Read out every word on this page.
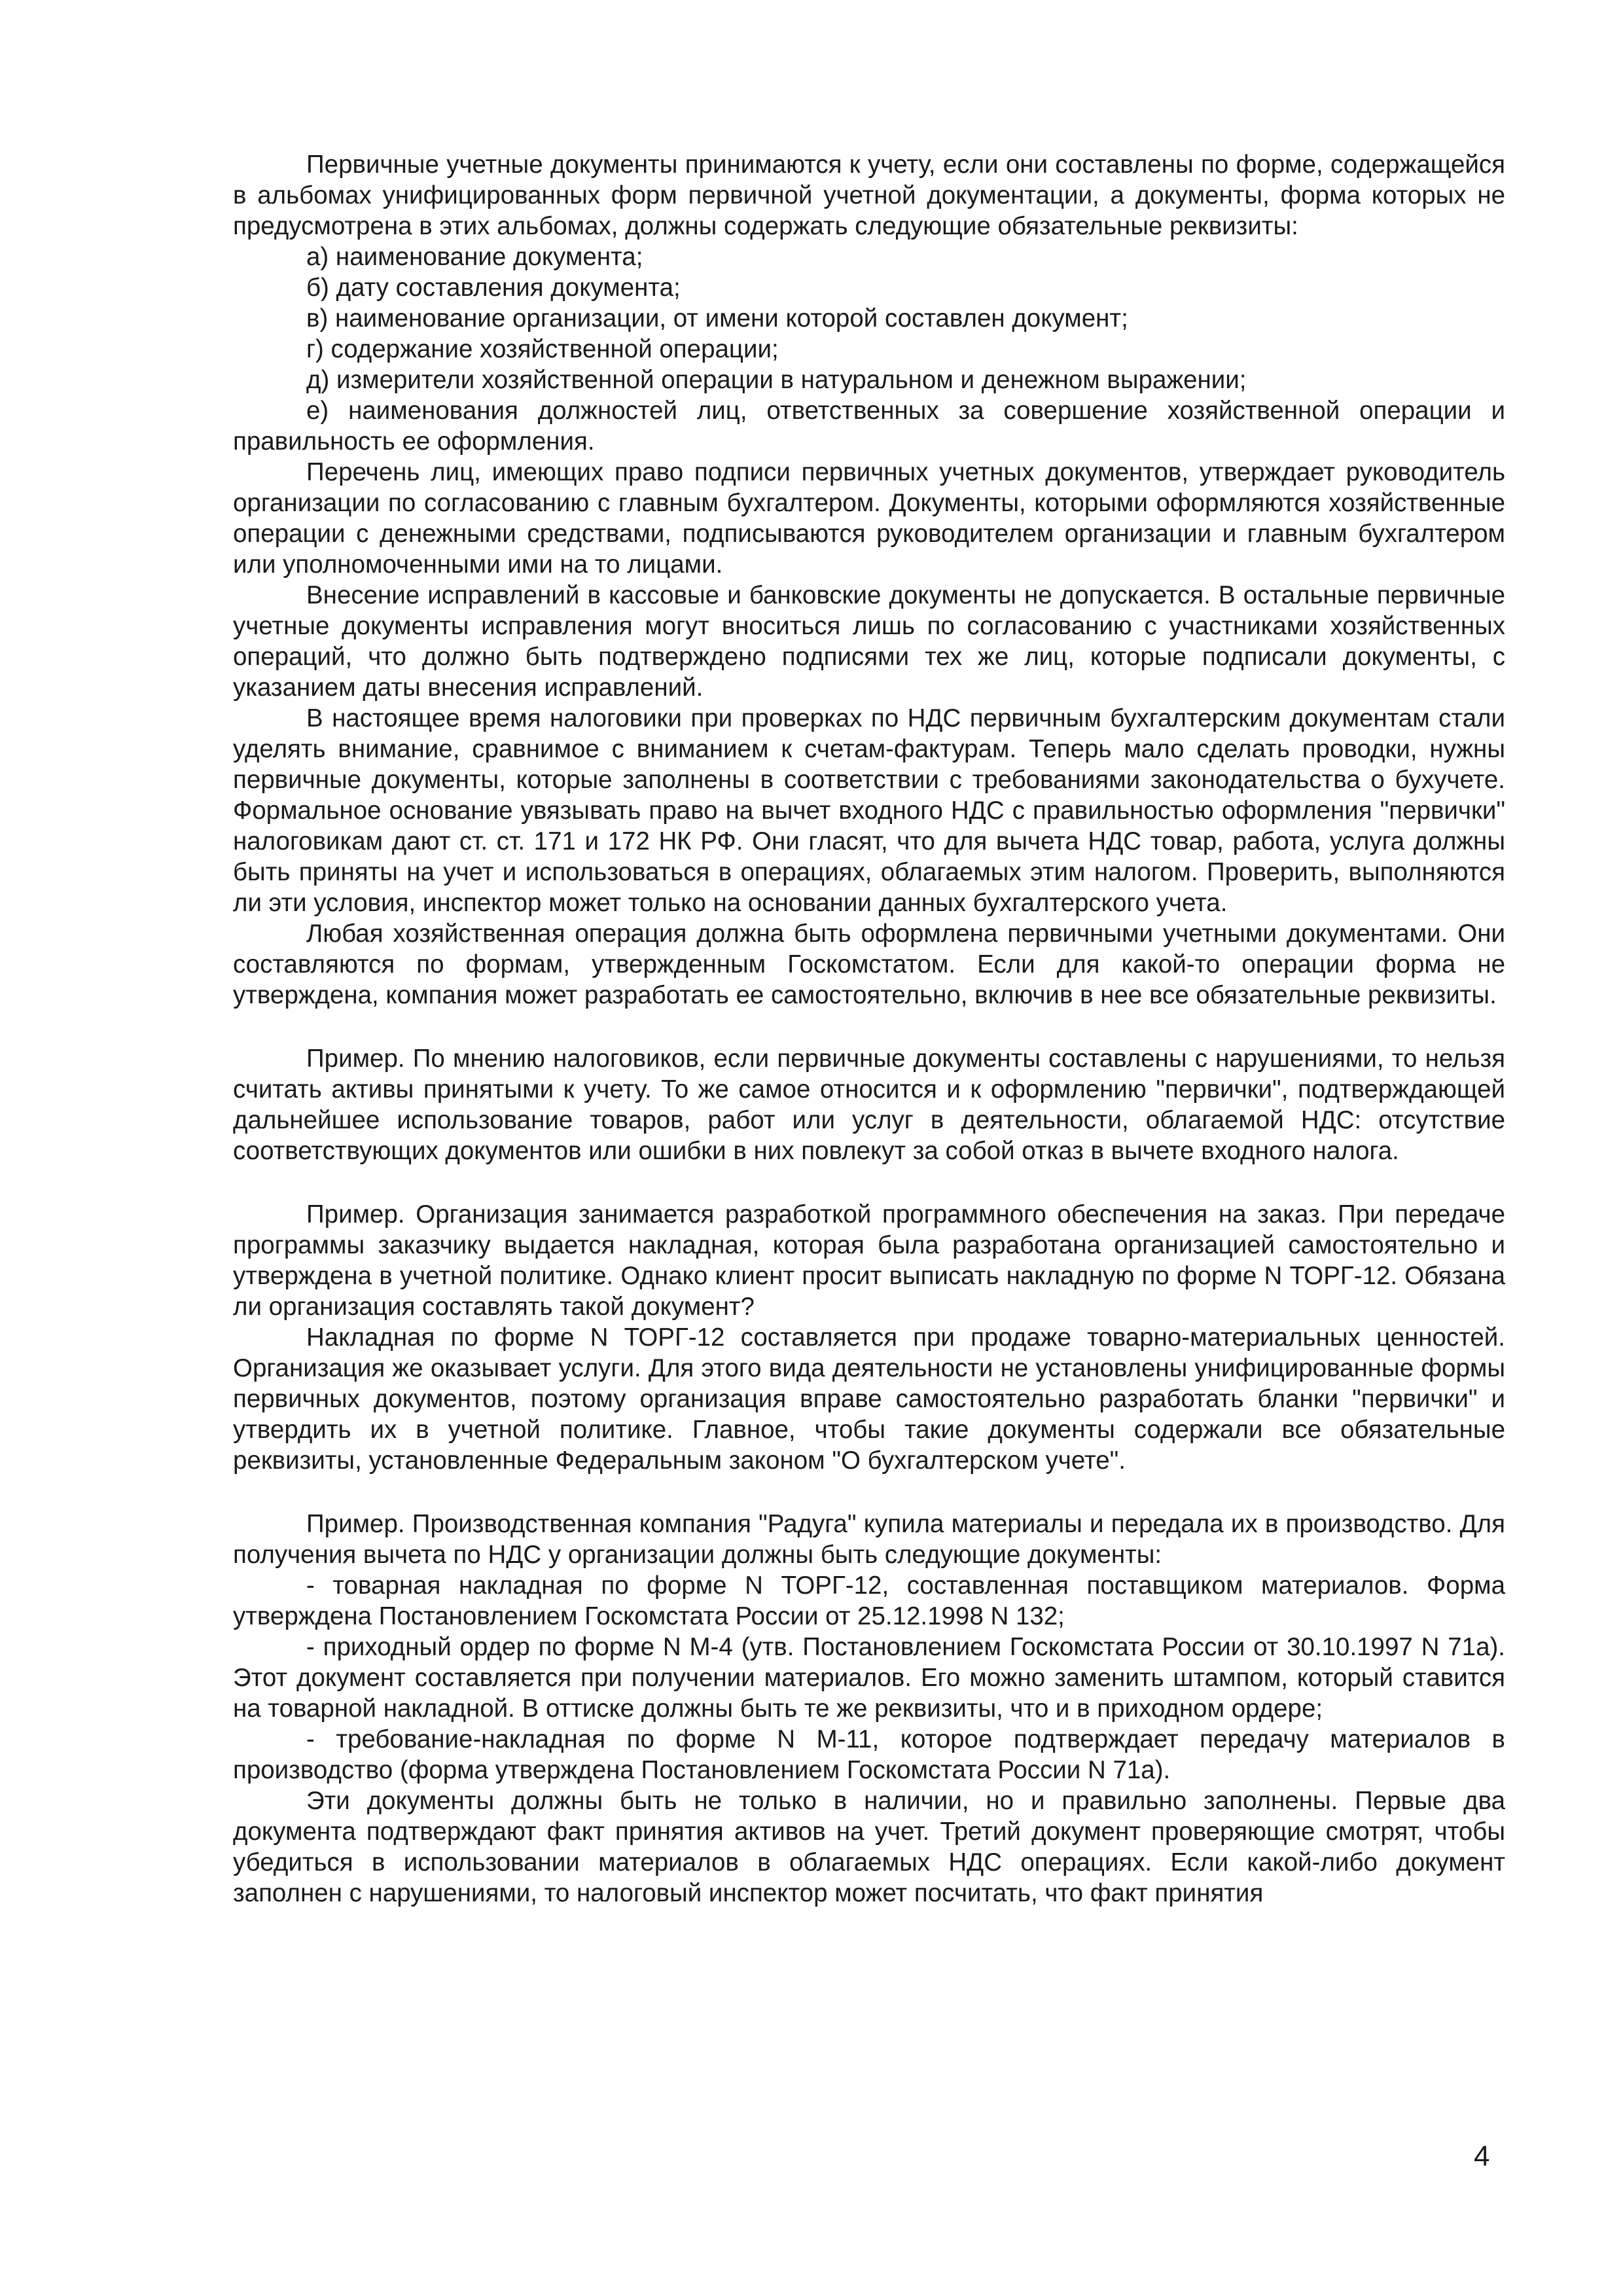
Первичные учетные документы принимаются к учету, если они составлены по форме, содержащейся в альбомах унифицированных форм первичной учетной документации, а документы, форма которых не предусмотрена в этих альбомах, должны содержать следующие обязательные реквизиты:

а) наименование документа;

б) дату составления документа;

в) наименование организации, от имени которой составлен документ;

г) содержание хозяйственной операции;

д) измерители хозяйственной операции в натуральном и денежном выражении;

е) наименования должностей лиц, ответственных за совершение хозяйственной операции и правильность ее оформления.

Перечень лиц, имеющих право подписи первичных учетных документов, утверждает руководитель организации по согласованию с главным бухгалтером. Документы, которыми оформляются хозяйственные операции с денежными средствами, подписываются руководителем организации и главным бухгалтером или уполномоченными ими на то лицами.

Внесение исправлений в кассовые и банковские документы не допускается. В остальные первичные учетные документы исправления могут вноситься лишь по согласованию с участниками хозяйственных операций, что должно быть подтверждено подписями тех же лиц, которые подписали документы, с указанием даты внесения исправлений.

В настоящее время налоговики при проверках по НДС первичным бухгалтерским документам стали уделять внимание, сравнимое с вниманием к счетам-фактурам. Теперь мало сделать проводки, нужны первичные документы, которые заполнены в соответствии с требованиями законодательства о бухучете. Формальное основание увязывать право на вычет входного НДС с правильностью оформления "первички" налоговикам дают ст. ст. 171 и 172 НК РФ. Они гласят, что для вычета НДС товар, работа, услуга должны быть приняты на учет и использоваться в операциях, облагаемых этим налогом. Проверить, выполняются ли эти условия, инспектор может только на основании данных бухгалтерского учета.

Любая хозяйственная операция должна быть оформлена первичными учетными документами. Они составляются по формам, утвержденным Госкомстатом. Если для какой-то операции форма не утверждена, компания может разработать ее самостоятельно, включив в нее все обязательные реквизиты.

Пример. По мнению налоговиков, если первичные документы составлены с нарушениями, то нельзя считать активы принятыми к учету. То же самое относится и к оформлению "первички", подтверждающей дальнейшее использование товаров, работ или услуг в деятельности, облагаемой НДС: отсутствие соответствующих документов или ошибки в них повлекут за собой отказ в вычете входного налога.

Пример. Организация занимается разработкой программного обеспечения на заказ. При передаче программы заказчику выдается накладная, которая была разработана организацией самостоятельно и утверждена в учетной политике. Однако клиент просит выписать накладную по форме N ТОРГ-12. Обязана ли организация составлять такой документ?

Накладная по форме N ТОРГ-12 составляется при продаже товарно-материальных ценностей. Организация же оказывает услуги. Для этого вида деятельности не установлены унифицированные формы первичных документов, поэтому организация вправе самостоятельно разработать бланки "первички" и утвердить их в учетной политике. Главное, чтобы такие документы содержали все обязательные реквизиты, установленные Федеральным законом "О бухгалтерском учете".

Пример. Производственная компания "Радуга" купила материалы и передала их в производство. Для получения вычета по НДС у организации должны быть следующие документы:

- товарная накладная по форме N ТОРГ-12, составленная поставщиком материалов. Форма утверждена Постановлением Госкомстата России от 25.12.1998 N 132;

- приходный ордер по форме N М-4 (утв. Постановлением Госкомстата России от 30.10.1997 N 71а). Этот документ составляется при получении материалов. Его можно заменить штампом, который ставится на товарной накладной. В оттиске должны быть те же реквизиты, что и в приходном ордере;

- требование-накладная по форме N М-11, которое подтверждает передачу материалов в производство (форма утверждена Постановлением Госкомстата России N 71а).

Эти документы должны быть не только в наличии, но и правильно заполнены. Первые два документа подтверждают факт принятия активов на учет. Третий документ проверяющие смотрят, чтобы убедиться в использовании материалов в облагаемых НДС операциях. Если какой-либо документ заполнен с нарушениями, то налоговый инспектор может посчитать, что факт принятия

4
